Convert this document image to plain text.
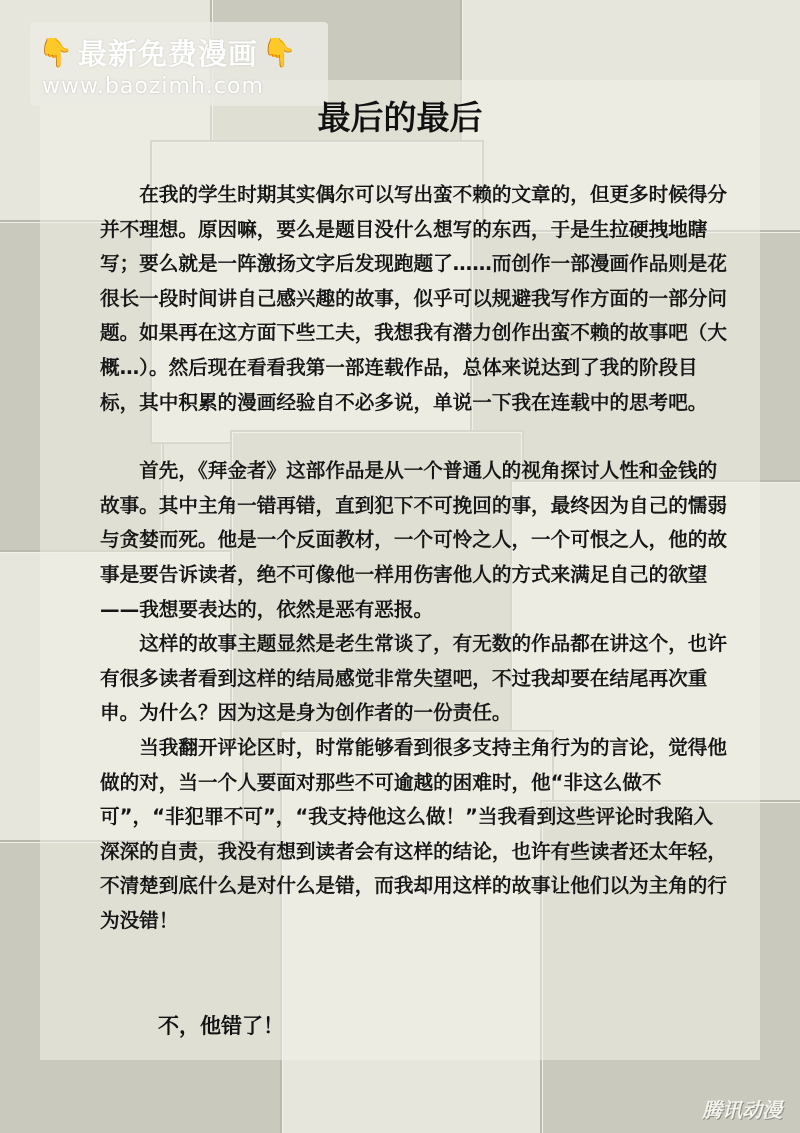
👇 最新免费漫画 👇
www.baozimh.com
最后的最后

在我的学生时期其实偶尔可以写出蛮不赖的文章的，但更多时候得分并不理想。原因嘛，要么是题目没什么想写的东西，于是生拉硬拽地瞎写；要么就是一阵激扬文字后发现跑题了……而创作一部漫画作品则是花很长一段时间讲自己感兴趣的故事，似乎可以规避我写作方面的一部分问题。如果再在这方面下些工夫，我想我有潜力创作出蛮不赖的故事吧（大概…）。然后现在看看我第一部连载作品，总体来说达到了我的阶段目标，其中积累的漫画经验自不必多说，单说一下我在连载中的思考吧。

首先，《拜金者》这部作品是从一个普通人的视角探讨人性和金钱的故事。其中主角一错再错，直到犯下不可挽回的事，最终因为自己的懦弱与贪婪而死。他是一个反面教材，一个可怜之人，一个可恨之人，他的故事是要告诉读者，绝不可像他一样用伤害他人的方式来满足自己的欲望——我想要表达的，依然是恶有恶报。

这样的故事主题显然是老生常谈了，有无数的作品都在讲这个，也许有很多读者看到这样的结局感觉非常失望吧，不过我却要在结尾再次重申。为什么？因为这是身为创作者的一份责任。

当我翻开评论区时，时常能够看到很多支持主角行为的言论，觉得他做的对，当一个人要面对那些不可逾越的困难时，他“非这么做不可”，“非犯罪不可”，“我支持他这么做！”当我看到这些评论时我陷入深深的自责，我没有想到读者会有这样的结论，也许有些读者还太年轻，不清楚到底什么是对什么是错，而我却用这样的故事让他们以为主角的行为没错！

不，他错了！
腾讯动漫
